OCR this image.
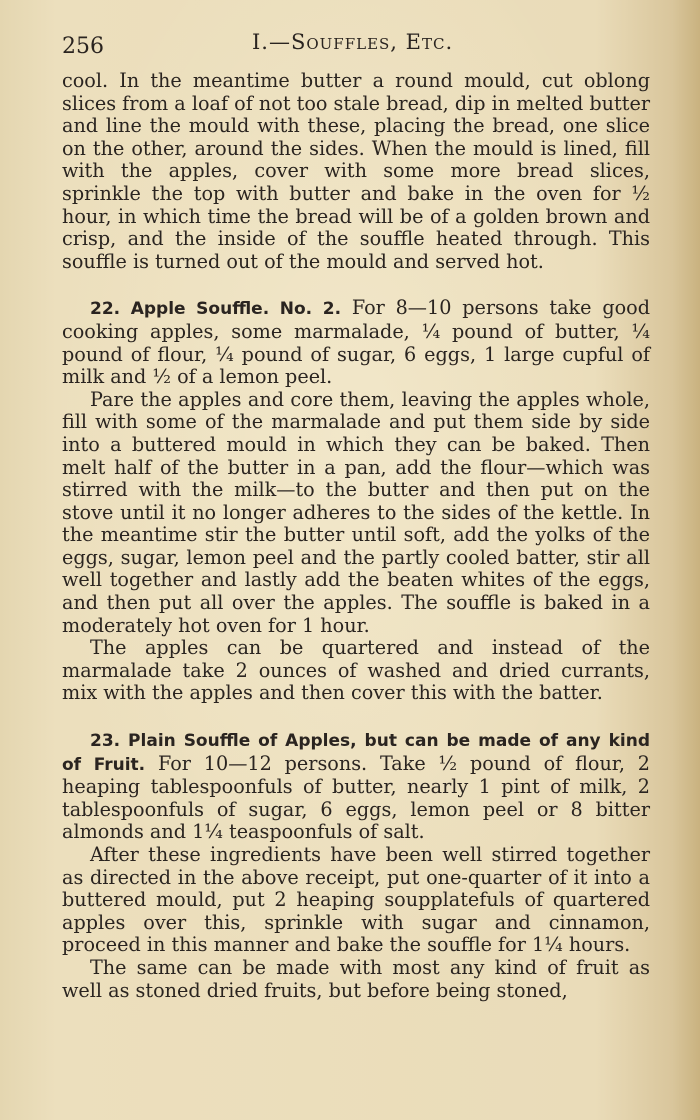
256	I.—Souffles, Etc.

cool. In the meantime butter a round mould, cut oblong slices from a loaf of not too stale bread, dip in melted butter and line the mould with these, placing the bread, one slice on the other, around the sides. When the mould is lined, fill with the apples, cover with some more bread slices, sprinkle the top with butter and bake in the oven for ½ hour, in which time the bread will be of a golden brown and crisp, and the inside of the souffle heated through. This souffle is turned out of the mould and served hot.

22. Apple Souffle. No. 2. For 8—10 persons take good cooking apples, some marmalade, ¼ pound of butter, ¼ pound of flour, ¼ pound of sugar, 6 eggs, 1 large cupful of milk and ½ of a lemon peel.

Pare the apples and core them, leaving the apples whole, fill with some of the marmalade and put them side by side into a buttered mould in which they can be baked. Then melt half of the butter in a pan, add the flour—which was stirred with the milk—to the butter and then put on the stove until it no longer adheres to the sides of the kettle. In the meantime stir the butter until soft, add the yolks of the eggs, sugar, lemon peel and the partly cooled batter, stir all well together and lastly add the beaten whites of the eggs, and then put all over the apples. The souffle is baked in a moderately hot oven for 1 hour.

The apples can be quartered and instead of the marmalade take 2 ounces of washed and dried currants, mix with the apples and then cover this with the batter.

23. Plain Souffle of Apples, but can be made of any kind of Fruit. For 10—12 persons. Take ½ pound of flour, 2 heaping tablespoonfuls of butter, nearly 1 pint of milk, 2 tablespoonfuls of sugar, 6 eggs, lemon peel or 8 bitter almonds and 1¼ teaspoonfuls of salt.

After these ingredients have been well stirred together as directed in the above receipt, put one-quarter of it into a buttered mould, put 2 heaping soupplatefuls of quartered apples over this, sprinkle with sugar and cinnamon, proceed in this manner and bake the souffle for 1¼ hours.

The same can be made with most any kind of fruit as well as stoned dried fruits, but before being stoned,
